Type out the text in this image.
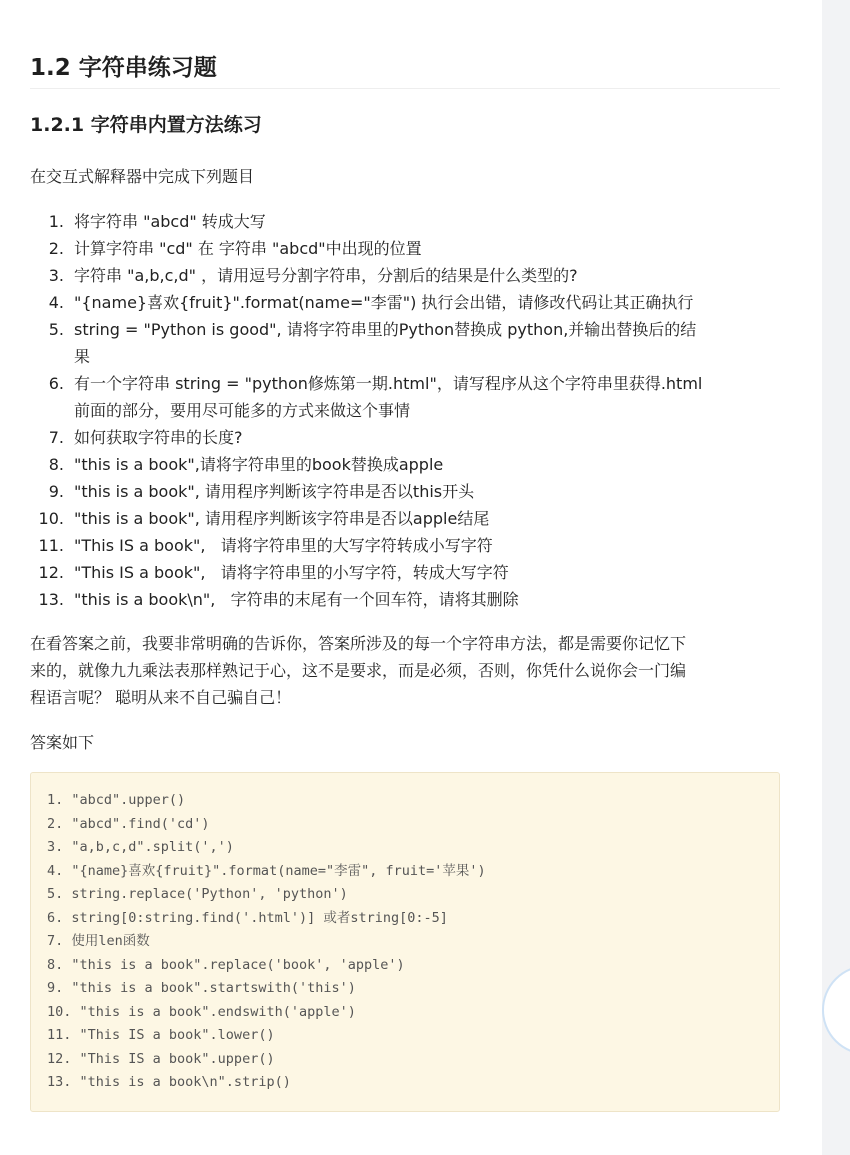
1.2 字符串练习题
1.2.1 字符串内置方法练习

在交互式解释器中完成下列题目

1. 将字符串 "abcd" 转成大写
2. 计算字符串 "cd" 在 字符串 "abcd"中出现的位置
3. 字符串 "a,b,c,d" ，请用逗号分割字符串，分割后的结果是什么类型的?
4. "{name}喜欢{fruit}".format(name="李雷") 执行会出错，请修改代码让其正确执行
5. string = "Python is good", 请将字符串里的Python替换成 python,并输出替换后的结
果
6. 有一个字符串 string = "python修炼第一期.html"，请写程序从这个字符串里获得.html
前面的部分，要用尽可能多的方式来做这个事情
7. 如何获取字符串的长度?
8. "this is a book",请将字符串里的book替换成apple
9. "this is a book", 请用程序判断该字符串是否以this开头
10. "this is a book", 请用程序判断该字符串是否以apple结尾
11. "This IS a book",   请将字符串里的大写字符转成小写字符
12. "This IS a book",   请将字符串里的小写字符，转成大写字符
13. "this is a book\n",   字符串的末尾有一个回车符，请将其删除

在看答案之前，我要非常明确的告诉你，答案所涉及的每一个字符串方法，都是需要你记忆下
来的，就像九九乘法表那样熟记于心，这不是要求，而是必须，否则，你凭什么说你会一门编
程语言呢？ 聪明从来不自己骗自己！

答案如下

1. "abcd".upper()
2. "abcd".find('cd')
3. "a,b,c,d".split(',')
4. "{name}喜欢{fruit}".format(name="李雷", fruit='苹果')
5. string.replace('Python', 'python')
6. string[0:string.find('.html')] 或者string[0:-5]
7. 使用len函数
8. "this is a book".replace('book', 'apple')
9. "this is a book".startswith('this')
10. "this is a book".endswith('apple')
11. "This IS a book".lower()
12. "This IS a book".upper()
13. "this is a book\n".strip()
